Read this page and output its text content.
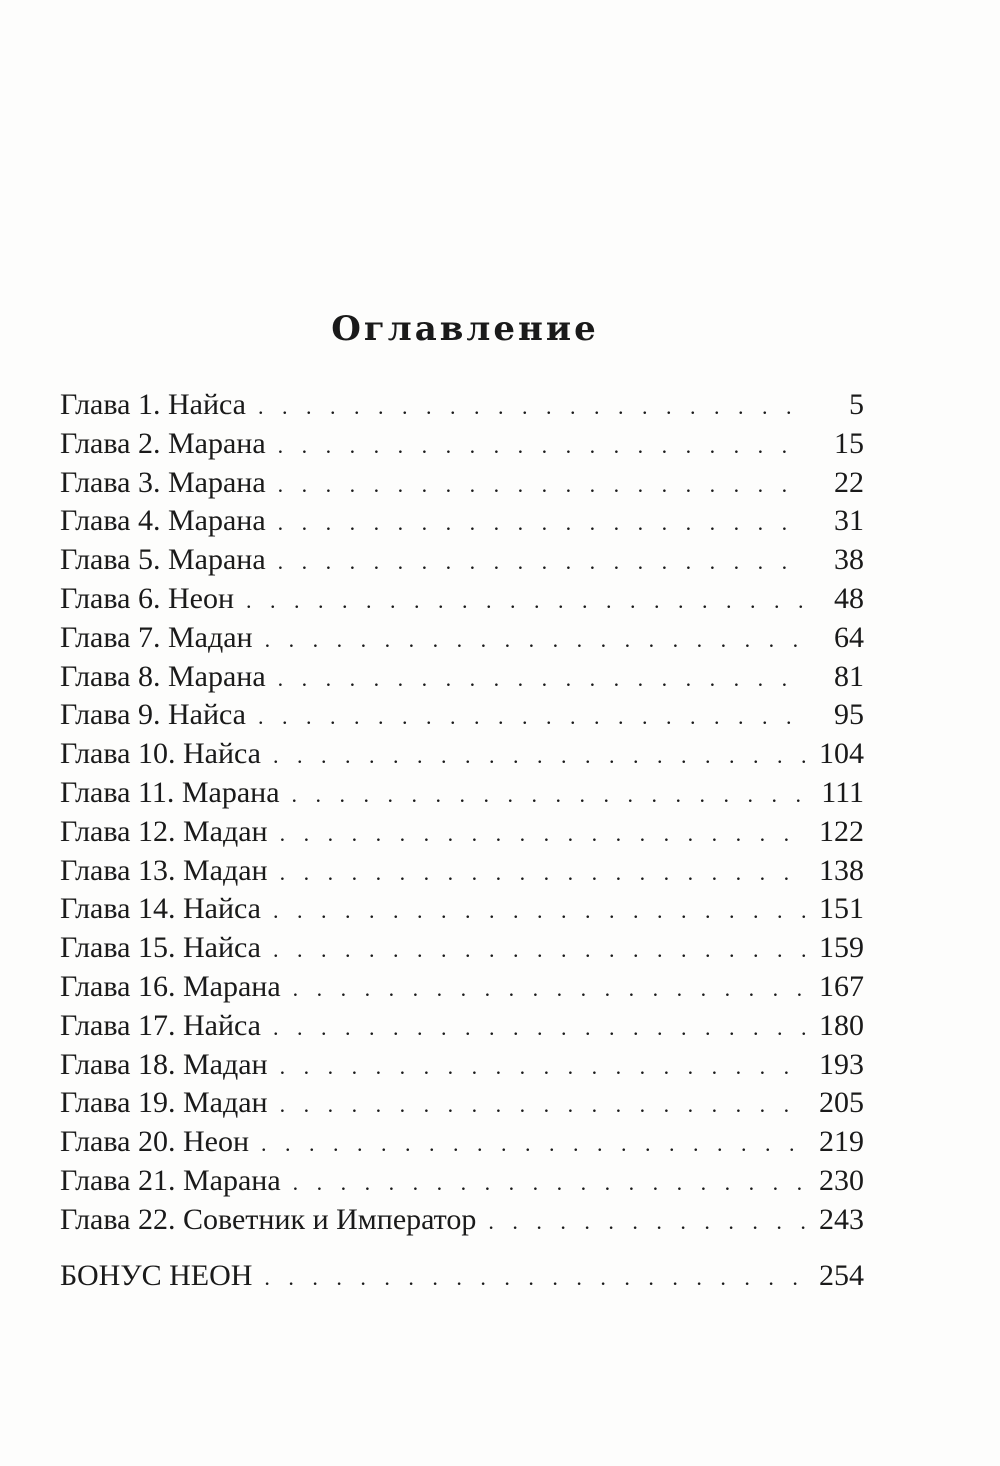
Оглавление
Глава 1. Найса . . .	5
Глава 2. Марана . . .	15
Глава 3. Марана . . .	22
Глава 4. Марана . . .	31
Глава 5. Марана . . .	38
Глава 6. Неон . . .	48
Глава 7. Мадан . . .	64
Глава 8. Марана . . .	81
Глава 9. Найса . . .	95
Глава 10. Найса . . .	104
Глава 11. Марана . . .	111
Глава 12. Мадан . . .	122
Глава 13. Мадан . . .	138
Глава 14. Найса . . .	151
Глава 15. Найса . . .	159
Глава 16. Марана . . .	167
Глава 17. Найса . . .	180
Глава 18. Мадан . . .	193
Глава 19. Мадан . . .	205
Глава 20. Неон . . .	219
Глава 21. Марана . . .	230
Глава 22. Советник и Император . . .	243
БОНУС НЕОН . . .	254
